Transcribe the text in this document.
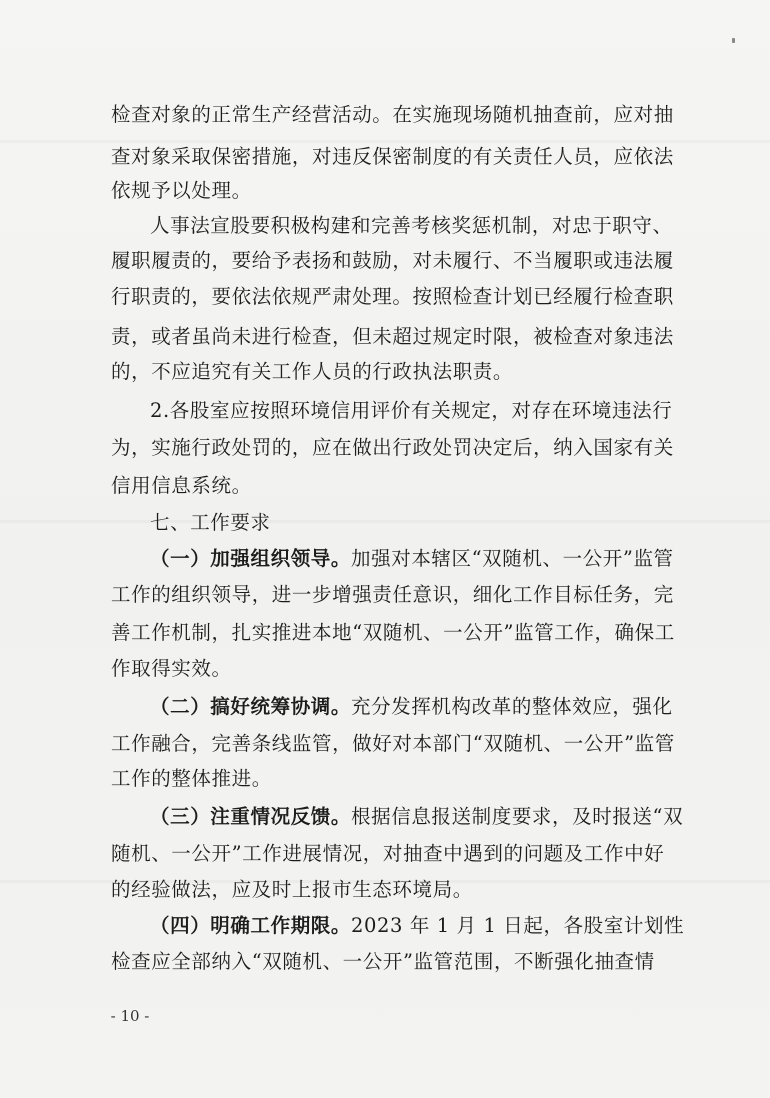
检查对象的正常生产经营活动。在实施现场随机抽查前，应对抽
查对象采取保密措施，对违反保密制度的有关责任人员，应依法
依规予以处理。
人事法宣股要积极构建和完善考核奖惩机制，对忠于职守、
履职履责的，要给予表扬和鼓励，对未履行、不当履职或违法履
行职责的，要依法依规严肃处理。按照检查计划已经履行检查职
责，或者虽尚未进行检查，但未超过规定时限，被检查对象违法
的，不应追究有关工作人员的行政执法职责。
2.各股室应按照环境信用评价有关规定，对存在环境违法行
为，实施行政处罚的，应在做出行政处罚决定后，纳入国家有关
信用信息系统。
七、工作要求
（一）加强组织领导。加强对本辖区“双随机、一公开”监管
工作的组织领导，进一步增强责任意识，细化工作目标任务，完
善工作机制，扎实推进本地“双随机、一公开”监管工作，确保工
作取得实效。
（二）搞好统筹协调。充分发挥机构改革的整体效应，强化
工作融合，完善条线监管，做好对本部门“双随机、一公开”监管
工作的整体推进。
（三）注重情况反馈。根据信息报送制度要求，及时报送“双
随机、一公开”工作进展情况，对抽查中遇到的问题及工作中好
的经验做法，应及时上报市生态环境局。
（四）明确工作期限。2023 年 1 月 1 日起，各股室计划性
检查应全部纳入“双随机、一公开”监管范围，不断强化抽查情
- 10 -
